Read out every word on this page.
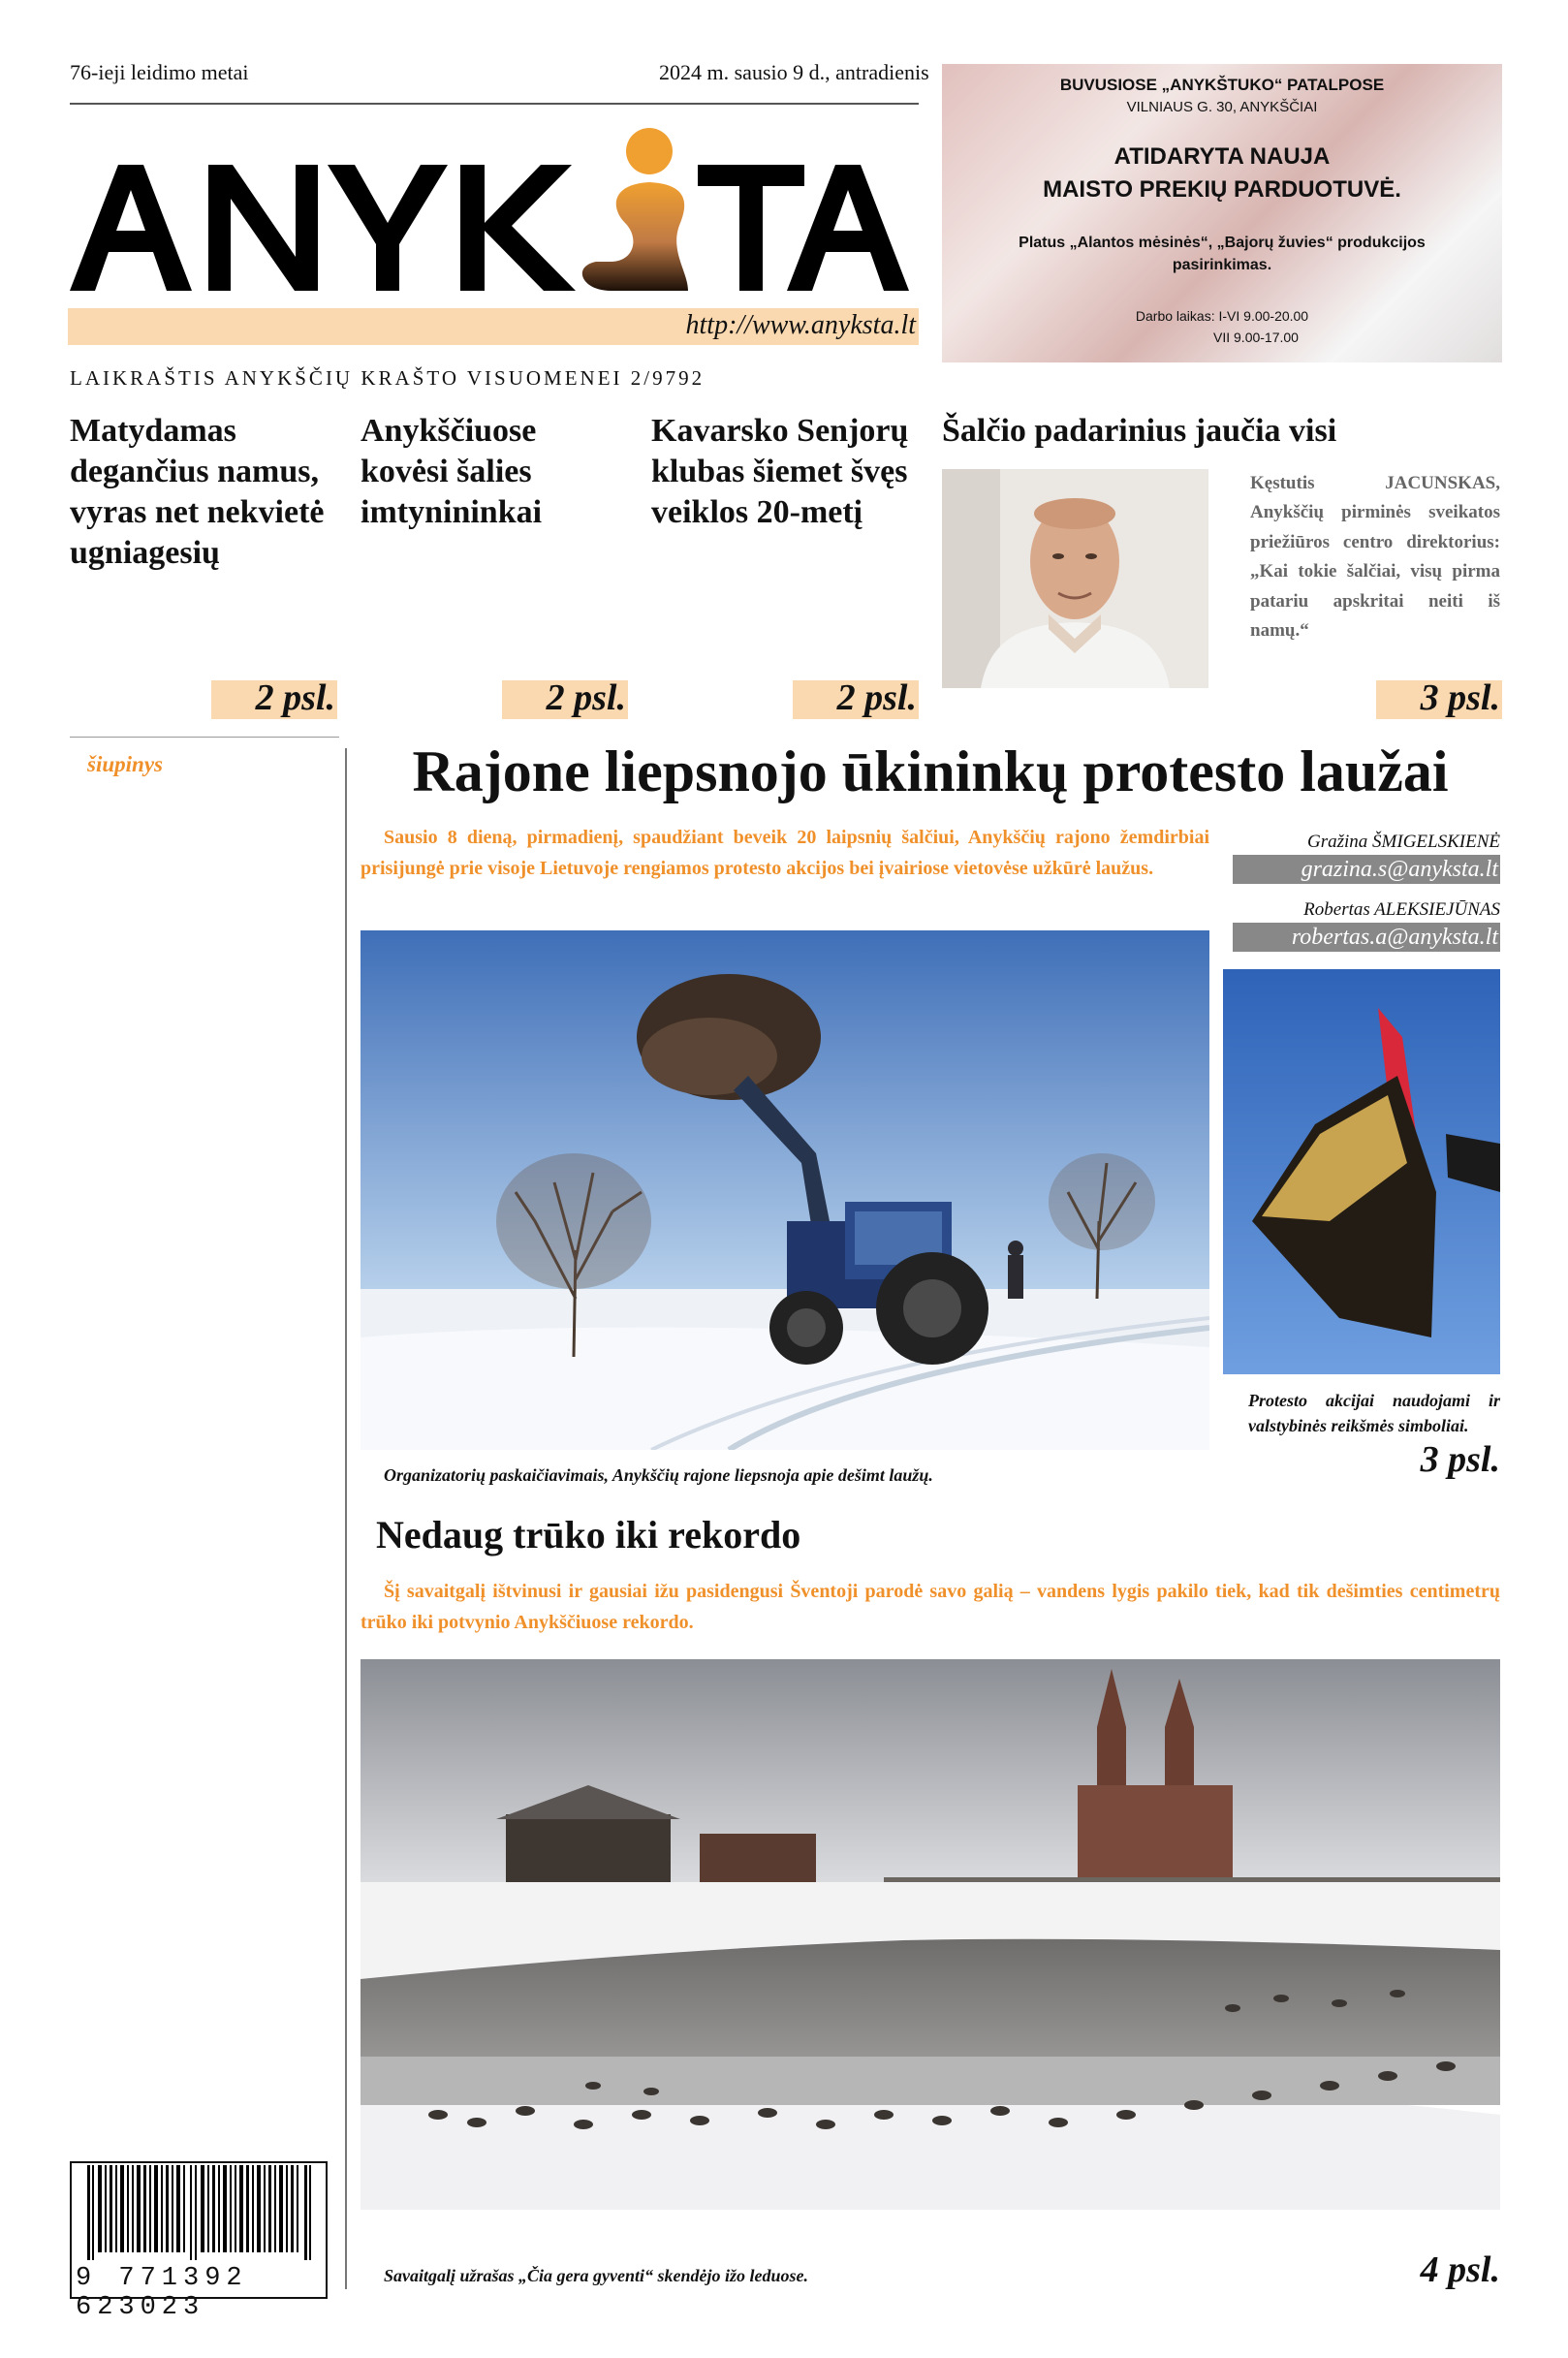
76-ieji leidimo metai	2024 m. sausio 9 d., antradienis
http://www.anyksta.lt
LAIKRAŠTIS ANYKŠČIŲ KRAŠTO VISUOMENEI 2/9792
BUVUSIOSE „ANYKŠTUKO“ PATALPOSE
VILNIAUS G. 30, ANYKŠČIAI
ATIDARYTA NAUJA
MAISTO PREKIŲ PARDUOTUVĖ.
Platus „Alantos mėsinės“, „Bajorų žuvies“ produkcijos
pasirinkimas.
Darbo laikas: I-VI 9.00-20.00
VII 9.00-17.00
Matydamas degančius namus, vyras net nekvietė ugniagesių
Anykščiuose kovėsi šalies imtynininkai
Kavarsko Senjorų klubas šiemet švęs veiklos 20-metį
2 psl.	2 psl.	2 psl.
Šalčio padarinius jaučia visi
Kęstutis JACUNSKAS, Anykščių pirminės sveikatos priežiūros centro direktorius: „Kai tokie šalčiai, visų pirma patariu apskritai neiti iš namų.“
3 psl.
šiupinys
9 771392 623023
Rajone liepsnojo ūkininkų protesto laužai
Sausio 8 dieną, pirmadienį, spaudžiant beveik 20 laipsnių šalčiui, Anykščių rajono žemdirbiai prisijungė prie visoje Lietuvoje rengiamos protesto akcijos bei įvairiose vietovėse užkūrė laužus.
Gražina ŠMIGELSKIENĖ
grazina.s@anyksta.lt
Robertas ALEKSIEJŪNAS
robertas.a@anyksta.lt
Organizatorių paskaičiavimais, Anykščių rajone liepsnoja apie dešimt laužų.
Protesto akcijai naudojami ir valstybinės reikšmės simboliai.
3 psl.
Nedaug trūko iki rekordo
Šį savaitgalį ištvinusi ir gausiai ižu pasidengusi Šventoji parodė savo galią – vandens lygis pakilo tiek, kad tik dešimties centimetrų trūko iki potvynio Anykščiuose rekordo.
Savaitgalį užrašas „Čia gera gyventi“ skendėjo ižo leduose.	4 psl.
